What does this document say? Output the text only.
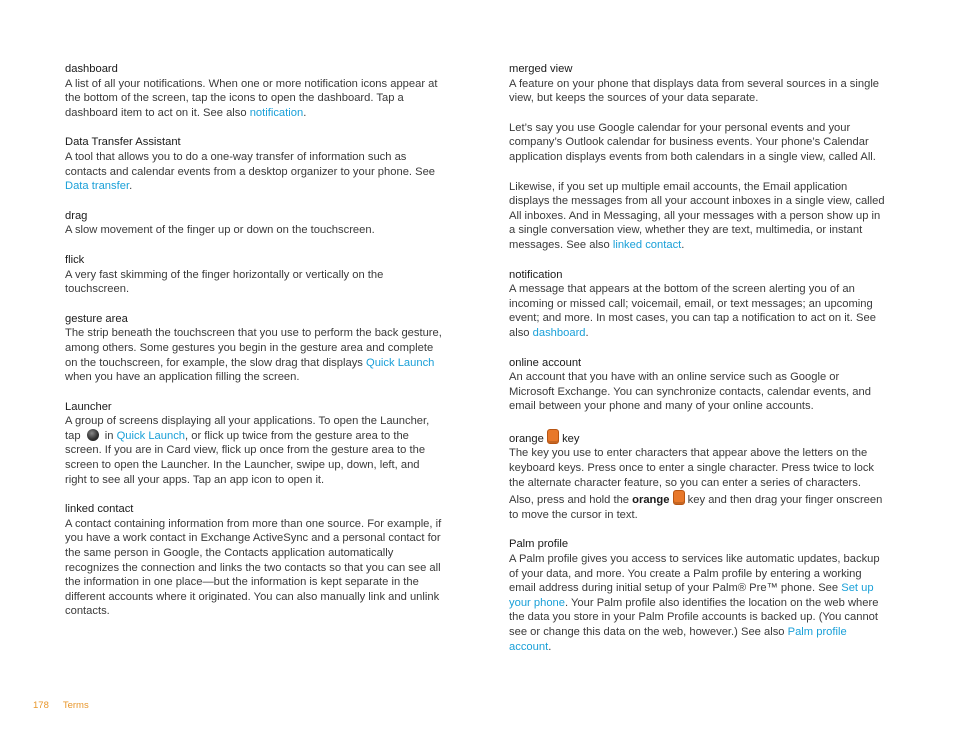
dashboard
A list of all your notifications. When one or more notification icons appear at the bottom of the screen, tap the icons to open the dashboard. Tap a dashboard item to act on it. See also notification.
Data Transfer Assistant
A tool that allows you to do a one-way transfer of information such as contacts and calendar events from a desktop organizer to your phone. See Data transfer.
drag
A slow movement of the finger up or down on the touchscreen.
flick
A very fast skimming of the finger horizontally or vertically on the touchscreen.
gesture area
The strip beneath the touchscreen that you use to perform the back gesture, among others. Some gestures you begin in the gesture area and complete on the touchscreen, for example, the slow drag that displays Quick Launch when you have an application filling the screen.
Launcher
A group of screens displaying all your applications. To open the Launcher, tap  in Quick Launch, or flick up twice from the gesture area to the screen. If you are in Card view, flick up once from the gesture area to the screen to open the Launcher. In the Launcher, swipe up, down, left, and right to see all your apps. Tap an app icon to open it.
linked contact
A contact containing information from more than one source. For example, if you have a work contact in Exchange ActiveSync and a personal contact for the same person in Google, the Contacts application automatically recognizes the connection and links the two contacts so that you can see all the information in one place—but the information is kept separate in the different accounts where it originated. You can also manually link and unlink contacts.
merged view

A feature on your phone that displays data from several sources in a single view, but keeps the sources of your data separate.

Let’s say you use Google calendar for your personal events and your company’s Outlook calendar for business events. Your phone’s Calendar application displays events from both calendars in a single view, called All.

Likewise, if you set up multiple email accounts, the Email application displays the messages from all your account inboxes in a single view, called All inboxes. And in Messaging, all your messages with a person show up in a single conversation view, whether they are text, multimedia, or instant messages. See also linked contact.

notification
A message that appears at the bottom of the screen alerting you of an incoming or missed call; voicemail, email, or text messages; an upcoming event; and more. In most cases, you can tap a notification to act on it. See also dashboard.
online account
An account that you have with an online service such as Google or Microsoft Exchange. You can synchronize contacts, calendar events, and email between your phone and many of your online accounts.
orange key
The key you use to enter characters that appear above the letters on the keyboard keys. Press once to enter a single character. Press twice to lock the alternate character feature, so you can enter a series of characters. Also, press and hold the orange  key and then drag your finger onscreen to move the cursor in text.
Palm profile
A Palm profile gives you access to services like automatic updates, backup of your data, and more. You create a Palm profile by entering a working email address during initial setup of your Palm® Pre™ phone. See Set up your phone. Your Palm profile also identifies the location on the web where the data you store in your Palm Profile accounts is backed up. (You cannot see or change this data on the web, however.) See also Palm profile account.
178 Terms
